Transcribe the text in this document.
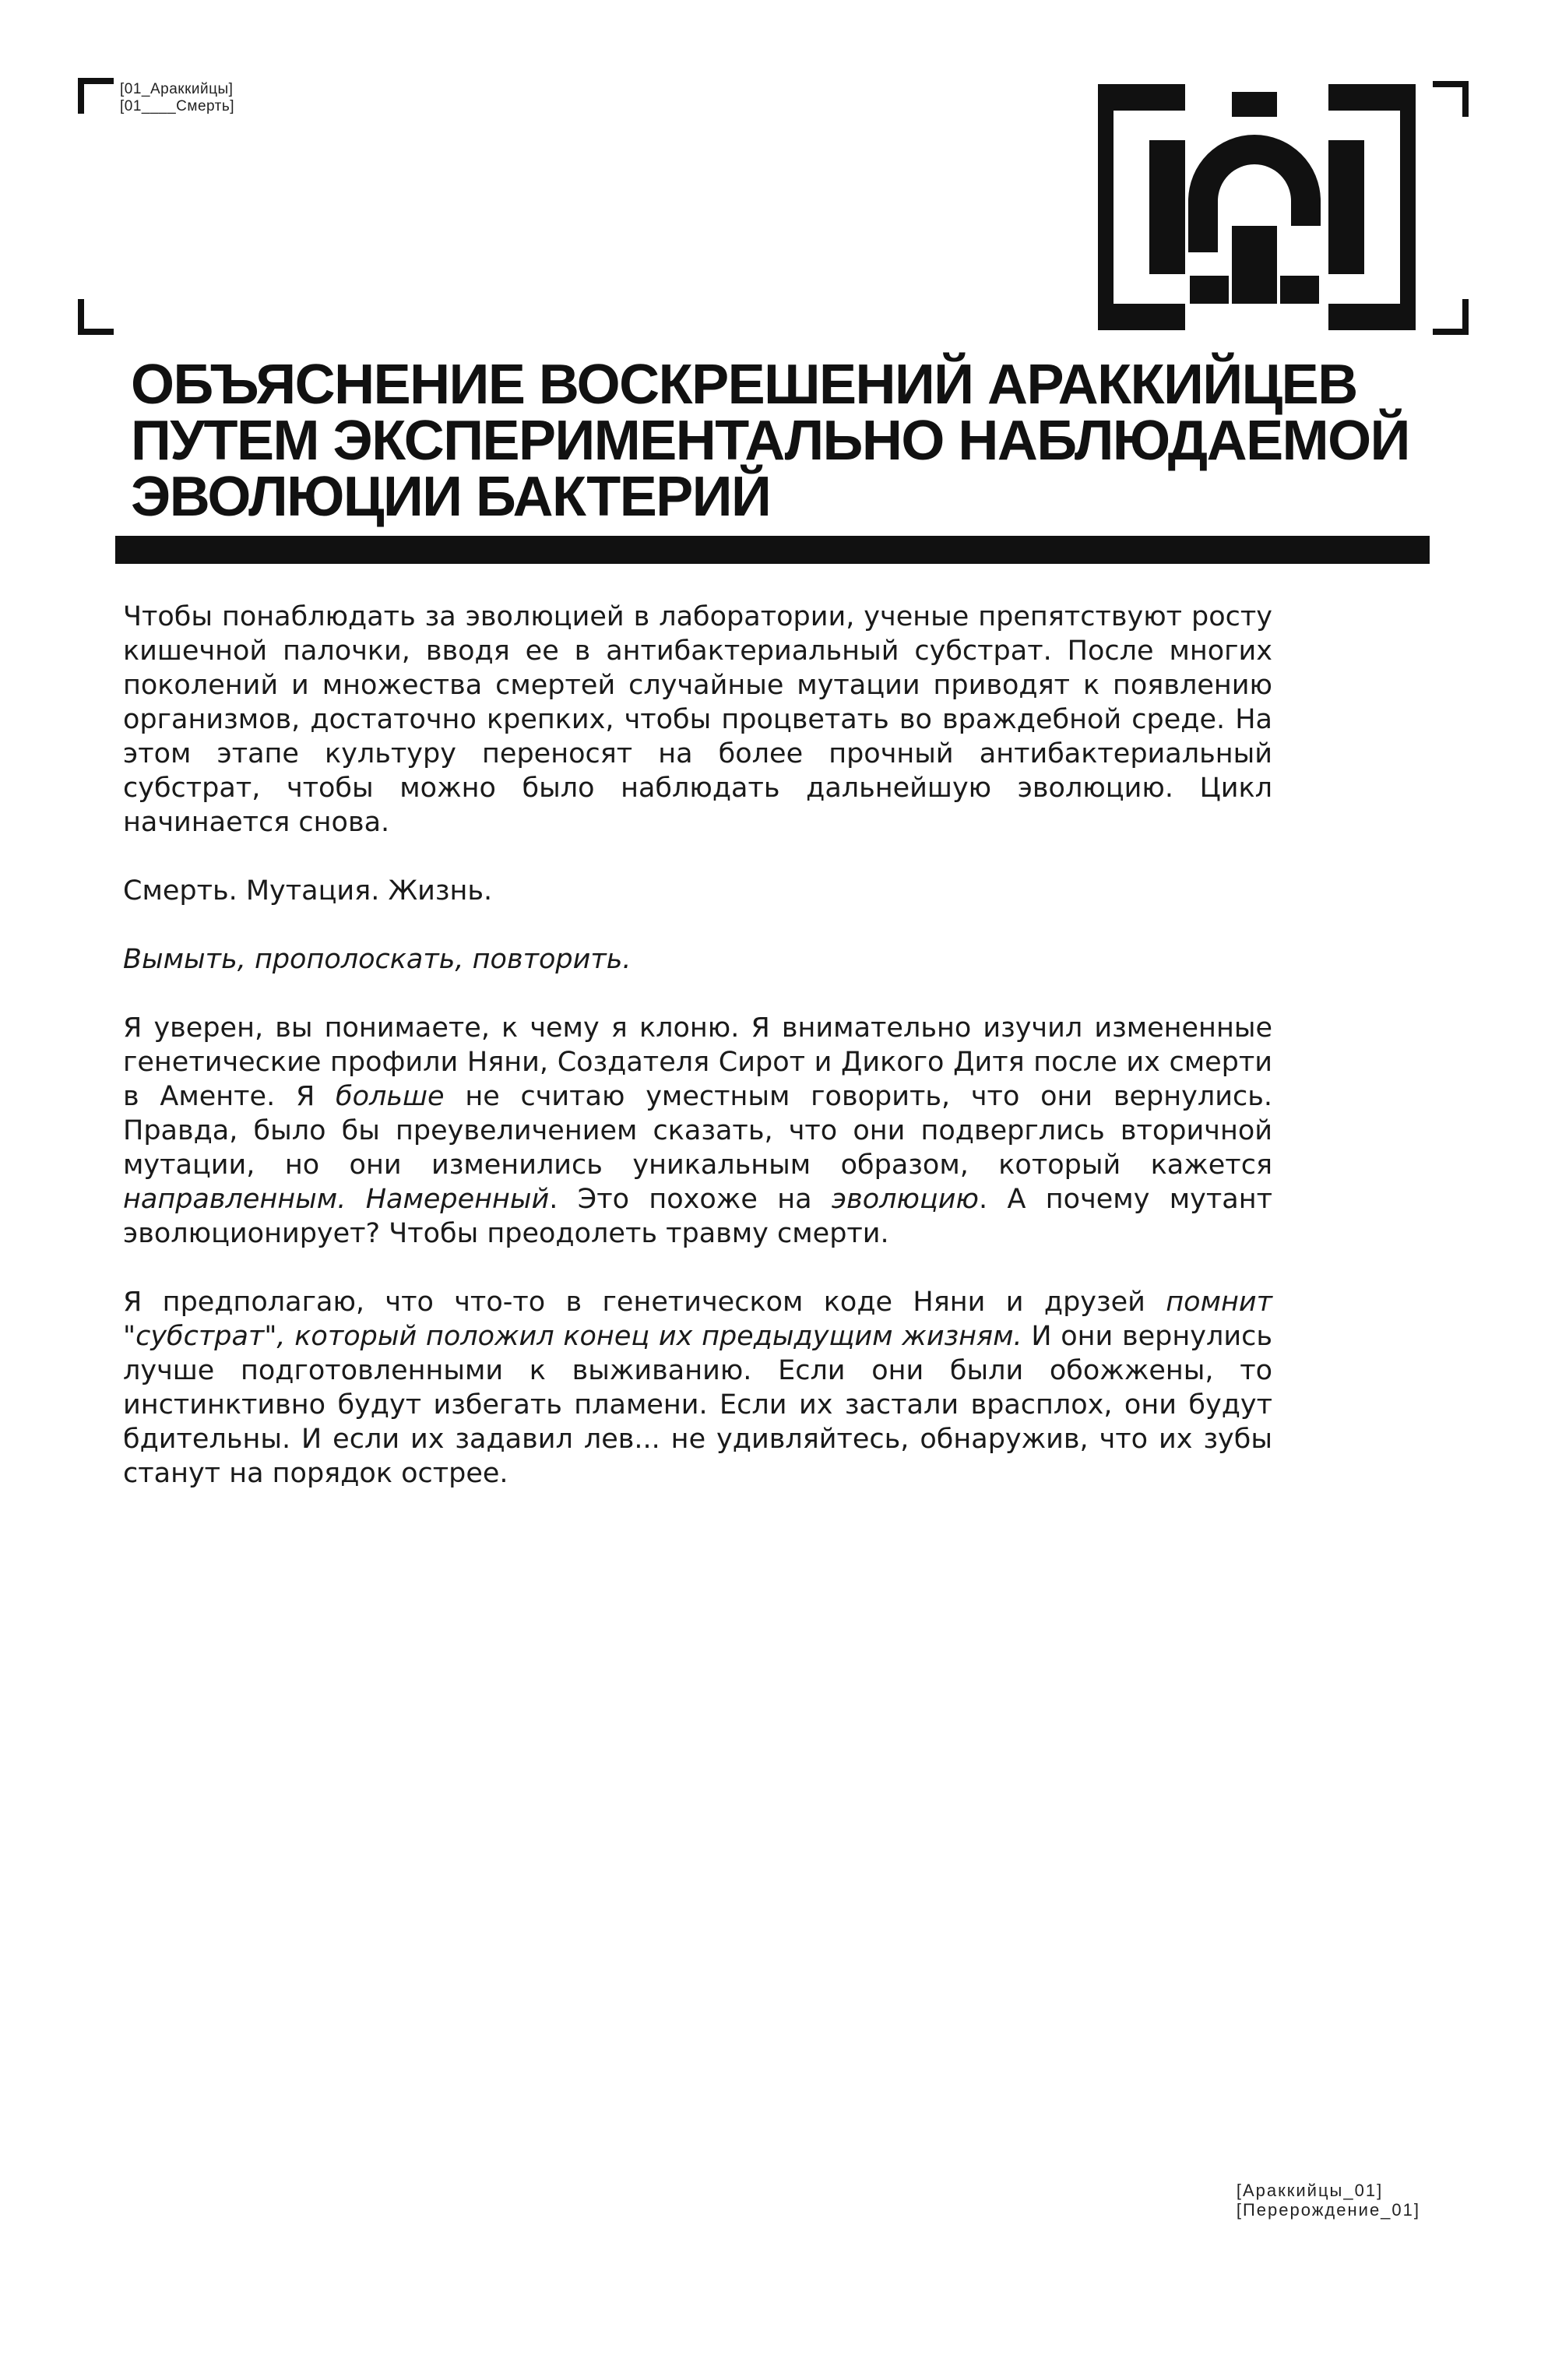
[01_Араккийцы]
[01____Смерть]
ОБЪЯСНЕНИЕ ВОСКРЕШЕНИЙ АРАККИЙЦЕВ ПУТЕМ ЭКСПЕРИМЕНТАЛЬНО НАБЛЮДАЕМОЙ ЭВОЛЮЦИИ БАКТЕРИЙ

Чтобы понаблюдать за эволюцией в лаборатории, ученые препятствуют росту кишечной палочки, вводя ее в антибактериальный субстрат. После многих поколений и множества смертей случайные мутации приводят к появлению организмов, достаточно крепких, чтобы процветать во враждебной среде. На этом этапе культуру переносят на более прочный антибактериальный субстрат, чтобы можно было наблюдать дальнейшую эволюцию. Цикл начинается снова.

Смерть. Мутация. Жизнь.

Вымыть, прополоскать, повторить.

Я уверен, вы понимаете, к чему я клоню. Я внимательно изучил измененные генетические профили Няни, Создателя Сирот и Дикого Дитя после их смерти в Аменте. Я больше не считаю уместным говорить, что они вернулись. Правда, было бы преувеличением сказать, что они подверглись вторичной мутации, но они изменились уникальным образом, который кажется направленным. Намеренный. Это похоже на эволюцию. А почему мутант эволюционирует? Чтобы преодолеть травму смерти.

Я предполагаю, что что-то в генетическом коде Няни и друзей помнит "субстрат", который положил конец их предыдущим жизням. И они вернулись лучше подготовленными к выживанию. Если они были обожжены, то инстинктивно будут избегать пламени. Если их застали врасплох, они будут бдительны. И если их задавил лев... не удивляйтесь, обнаружив, что их зубы станут на порядок острее.

[Араккийцы_01]
[Перерождение_01]
